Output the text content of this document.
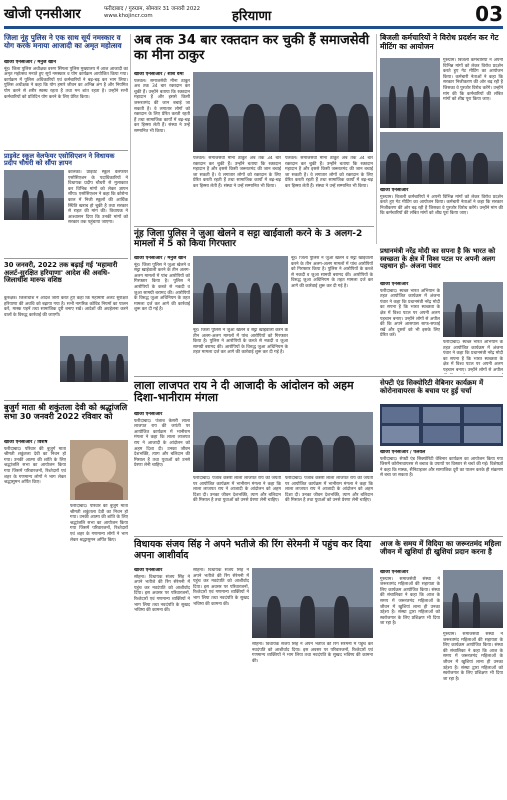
खोजी एनसीआर	फरीदाबाद / गुरुग्राम, सोमवार 31 जनवरी 2022
www.khojincr.com	हरियाणा	03
जिला नूंह पुलिस ने एक साथ सूर्य नमस्कार व योग करके मनाया आजादी का अमृत महोत्सव
खोजी एनसीआर / मनुज खान
नूंह। जिला पुलिस अधीक्षक वरुण सिंगला पुलिस मुख्यालय में आज आजादी का अमृत महोत्सव मनाते हुए सूर्य नमस्कार व योग कार्यक्रम आयोजित किया गया। कार्यक्रम में पुलिस अधिकारियों एवं कर्मचारियों ने बढ़-चढ़ कर भाग लिया। पुलिस अधीक्षक ने कहा कि योग हमारे जीवन का अभिन्न अंग है और नियमित योग करने से शरीर स्वस्थ रहता है तथा मन शांत रहता है। उन्होंने सभी कर्मचारियों को प्रतिदिन योग करने के लिए प्रेरित किया।
प्राइवेट स्कूल वेलफेयर एसोसिएशन ने विधायक प्रदीप चौधरी को सौंपा ज्ञापन
कालका। प्राइवेट स्कूल वेलफेयर एसोसिएशन के पदाधिकारियों ने विधायक प्रदीप चौधरी से मुलाकात कर विभिन्न मांगों को लेकर ज्ञापन सौंपा। एसोसिएशन ने कहा कि कोरोना काल में निजी स्कूलों की आर्थिक स्थिति खराब हो चुकी है तथा सरकार से राहत की मांग की। विधायक ने आश्वासन दिया कि उनकी मांगों को सरकार तक पहुंचाया जाएगा।
30 जनवरी, 2022 तक बढ़ाई गई 'महामारी अलर्ट-सुरक्षित हरियाणा' आदेश की अवधि-जिलाधीश मारुफ वशिष्ठ
कुरुक्षेत्र। जिलाधीश ने आदेश जारी करते हुए कहा कि महामारी अलर्ट सुरक्षित हरियाणा की अवधि को बढ़ाया गया है। सभी नागरिक कोविड नियमों का पालन करें, मास्क पहनें तथा सामाजिक दूरी बनाए रखें। आदेशों की अवहेलना करने वालों के विरुद्ध कार्रवाई की जाएगी।
बुजुर्ग माता श्री शकुंतला देवी को श्रद्धांजलि सभा 30 जनवरी 2022 रविवार को
खोजी एनसीआर / विशेष
फरीदाबाद। परिवार की बुजुर्ग माता श्रीमती शकुंतला देवी का निधन हो गया। उनकी आत्मा की शांति के लिए श्रद्धांजलि सभा का आयोजन किया गया जिसमें परिवारजनों, रिश्तेदारों एवं शहर के गणमान्य लोगों ने भाग लेकर श्रद्धासुमन अर्पित किए।
फरीदाबाद। परिवार की बुजुर्ग माता श्रीमती शकुंतला देवी का निधन हो गया। उनकी आत्मा की शांति के लिए श्रद्धांजलि सभा का आयोजन किया गया जिसमें परिवारजनों, रिश्तेदारों एवं शहर के गणमान्य लोगों ने भाग लेकर श्रद्धासुमन अर्पित किए।
अब तक 34 बार रक्तदान कर चुकी हैं समाजसेवी का मीना ठाकुर
खोजी एनसीआर / शशि वर्मा
पलवल। समाजसेवी मीना ठाकुर अब तक 34 बार रक्तदान कर चुकी हैं। उन्होंने बताया कि रक्तदान महादान है और इससे किसी जरूरतमंद की जान बचाई जा सकती है। वे लगातार लोगों को रक्तदान के लिए प्रेरित करती रहती हैं तथा सामाजिक कार्यों में बढ़-चढ़ कर हिस्सा लेती हैं। संस्था ने उन्हें सम्मानित भी किया।
पलवल। समाजसेवी मीना ठाकुर अब तक 34 बार रक्तदान कर चुकी हैं। उन्होंने बताया कि रक्तदान महादान है और इससे किसी जरूरतमंद की जान बचाई जा सकती है। वे लगातार लोगों को रक्तदान के लिए प्रेरित करती रहती हैं तथा सामाजिक कार्यों में बढ़-चढ़ कर हिस्सा लेती हैं। संस्था ने उन्हें सम्मानित भी किया।
पलवल। समाजसेवी मीना ठाकुर अब तक 34 बार रक्तदान कर चुकी हैं। उन्होंने बताया कि रक्तदान महादान है और इससे किसी जरूरतमंद की जान बचाई जा सकती है। वे लगातार लोगों को रक्तदान के लिए प्रेरित करती रहती हैं तथा सामाजिक कार्यों में बढ़-चढ़ कर हिस्सा लेती हैं। संस्था ने उन्हें सम्मानित भी किया।
नूंह जिला पुलिस ने जुआ खेलने व सट्टा खाईवाली करने के 3 अलग-2 मामलों में 5 को किया गिरफ्तार
खोजी एनसीआर / मनुज खान
नूंह। जिला पुलिस ने जुआ खेलने व सट्टा खाईवाली करने के तीन अलग-अलग मामलों में पांच आरोपियों को गिरफ्तार किया है। पुलिस ने आरोपियों के कब्जे से नकदी व जुआ सामग्री बरामद की। आरोपियों के विरुद्ध जुआ अधिनियम के तहत मामला दर्ज कर आगे की कार्रवाई शुरू कर दी गई है।
नूंह। जिला पुलिस ने जुआ खेलने व सट्टा खाईवाली करने के तीन अलग-अलग मामलों में पांच आरोपियों को गिरफ्तार किया है। पुलिस ने आरोपियों के कब्जे से नकदी व जुआ सामग्री बरामद की। आरोपियों के विरुद्ध जुआ अधिनियम के तहत मामला दर्ज कर आगे की कार्रवाई शुरू कर दी गई है।
नूंह। जिला पुलिस ने जुआ खेलने व सट्टा खाईवाली करने के तीन अलग-अलग मामलों में पांच आरोपियों को गिरफ्तार किया है। पुलिस ने आरोपियों के कब्जे से नकदी व जुआ सामग्री बरामद की। आरोपियों के विरुद्ध जुआ अधिनियम के तहत मामला दर्ज कर आगे की कार्रवाई शुरू कर दी गई है।
बिजली कर्मचारियों ने विरोध प्रदर्शन कर गेट मीटिंग का आयोजन
गुरुग्राम। बिजली कर्मचारियों ने अपनी विभिन्न मांगों को लेकर विरोध प्रदर्शन करते हुए गेट मीटिंग का आयोजन किया। कर्मचारी नेताओं ने कहा कि सरकार निजीकरण की ओर बढ़ रही है जिसका वे पुरजोर विरोध करेंगे। उन्होंने मांग की कि कर्मचारियों की लंबित मांगों को शीघ्र पूरा किया जाए।
खोजी एनसीआर
गुरुग्राम। बिजली कर्मचारियों ने अपनी विभिन्न मांगों को लेकर विरोध प्रदर्शन करते हुए गेट मीटिंग का आयोजन किया। कर्मचारी नेताओं ने कहा कि सरकार निजीकरण की ओर बढ़ रही है जिसका वे पुरजोर विरोध करेंगे। उन्होंने मांग की कि कर्मचारियों की लंबित मांगों को शीघ्र पूरा किया जाए।
प्रधानमंत्री नरेंद्र मोदी का सपना है कि भारत को स्वच्छता के क्षेत्र में विश्व पटल पर अपनी अलग पहचान हो- अंजना पंवार
खोजी एनसीआर
फरीदाबाद। स्वच्छ भारत अभियान के तहत आयोजित कार्यक्रम में अंजना पंवार ने कहा कि प्रधानमंत्री नरेंद्र मोदी का सपना है कि भारत स्वच्छता के क्षेत्र में विश्व पटल पर अपनी अलग पहचान बनाए। उन्होंने लोगों से अपील की कि अपने आसपास साफ-सफाई रखें और दूसरों को भी इसके लिए प्रेरित करें।
फरीदाबाद। स्वच्छ भारत अभियान के तहत आयोजित कार्यक्रम में अंजना पंवार ने कहा कि प्रधानमंत्री नरेंद्र मोदी का सपना है कि भारत स्वच्छता के क्षेत्र में विश्व पटल पर अपनी अलग पहचान बनाए। उन्होंने लोगों से अपील
लाला लाजपत राय ने दी आजादी के आंदोलन को अहम दिशा-भानीराम मंगला
खोजी एनसीआर
फरीदाबाद। पंजाब केसरी लाला लाजपत राय की जयंती पर आयोजित कार्यक्रम में भानीराम मंगला ने कहा कि लाला लाजपत राय ने आजादी के आंदोलन को अहम दिशा दी। उनका जीवन देशभक्ति, त्याग और बलिदान की मिसाल है तथा युवाओं को उनसे प्रेरणा लेनी चाहिए।
फरीदाबाद। पंजाब केसरी लाला लाजपत राय की जयंती पर आयोजित कार्यक्रम में भानीराम मंगला ने कहा कि लाला लाजपत राय ने आजादी के आंदोलन को अहम दिशा दी। उनका जीवन देशभक्ति, त्याग और बलिदान की मिसाल है तथा युवाओं को उनसे प्रेरणा लेनी चाहिए।
फरीदाबाद। पंजाब केसरी लाला लाजपत राय की जयंती पर आयोजित कार्यक्रम में भानीराम मंगला ने कहा कि लाला लाजपत राय ने आजादी के आंदोलन को अहम दिशा दी। उनका जीवन देशभक्ति, त्याग और बलिदान की मिसाल है तथा युवाओं को उनसे प्रेरणा लेनी चाहिए।
सेफ्टी एंड सिक्योरिटी वेबिनार कार्यक्रम में कोरोनावायरस के बचाव पर हुई चर्चा
खोजी एनसीआर / पलवल
फरीदाबाद। सेफ्टी एंड सिक्योरिटी वेबिनार कार्यक्रम का आयोजन किया गया जिसमें कोरोनावायरस से बचाव के उपायों पर विस्तार से चर्चा की गई। विशेषज्ञों ने कहा कि मास्क, सैनिटाइजर और सामाजिक दूरी का पालन करके ही संक्रमण से बचा जा सकता है।
विधायक संजय सिंह ने अपने भतीजे की रिंग सेरेमनी में पहुंच कर दिया अपना आशीर्वाद
खोजी एनसीआर
सोहना। विधायक संजय सिंह ने अपने भतीजे की रिंग सेरेमनी में पहुंच कर नवदंपति को आशीर्वाद दिया। इस अवसर पर परिवारजनों, रिश्तेदारों एवं गणमान्य व्यक्तियों ने भाग लिया तथा नवदंपति के सुखद भविष्य की कामना की।
सोहना। विधायक संजय सिंह ने अपने भतीजे की रिंग सेरेमनी में पहुंच कर नवदंपति को आशीर्वाद दिया। इस अवसर पर परिवारजनों, रिश्तेदारों एवं गणमान्य व्यक्तियों ने भाग लिया तथा नवदंपति के सुखद भविष्य की कामना की।
सोहना। विधायक संजय सिंह ने अपने भतीजे की रिंग सेरेमनी में पहुंच कर नवदंपति को आशीर्वाद दिया। इस अवसर पर परिवारजनों, रिश्तेदारों एवं गणमान्य व्यक्तियों ने भाग लिया तथा नवदंपति के सुखद भविष्य की कामना की।
आज के समय में विदिया का जरूरतमंद महिला जीवन में खुशियां ही खुशियां प्रदान करना है
खोजी एनसीआर
गुरुग्राम। समाजसेवी संस्था ने जरूरतमंद महिलाओं की सहायता के लिए कार्यक्रम आयोजित किया। संस्था की संचालिका ने कहा कि आज के समय में जरूरतमंद महिलाओं के जीवन में खुशियां लाना ही उनका उद्देश्य है। संस्था द्वारा महिलाओं को स्वरोजगार के लिए प्रशिक्षण भी दिया जा रहा है।
गुरुग्राम। समाजसेवी संस्था ने जरूरतमंद महिलाओं की सहायता के लिए कार्यक्रम आयोजित किया। संस्था की संचालिका ने कहा कि आज के समय में जरूरतमंद महिलाओं के जीवन में खुशियां लाना ही उनका उद्देश्य है। संस्था द्वारा महिलाओं को स्वरोजगार के लिए प्रशिक्षण भी दिया जा रहा है।
